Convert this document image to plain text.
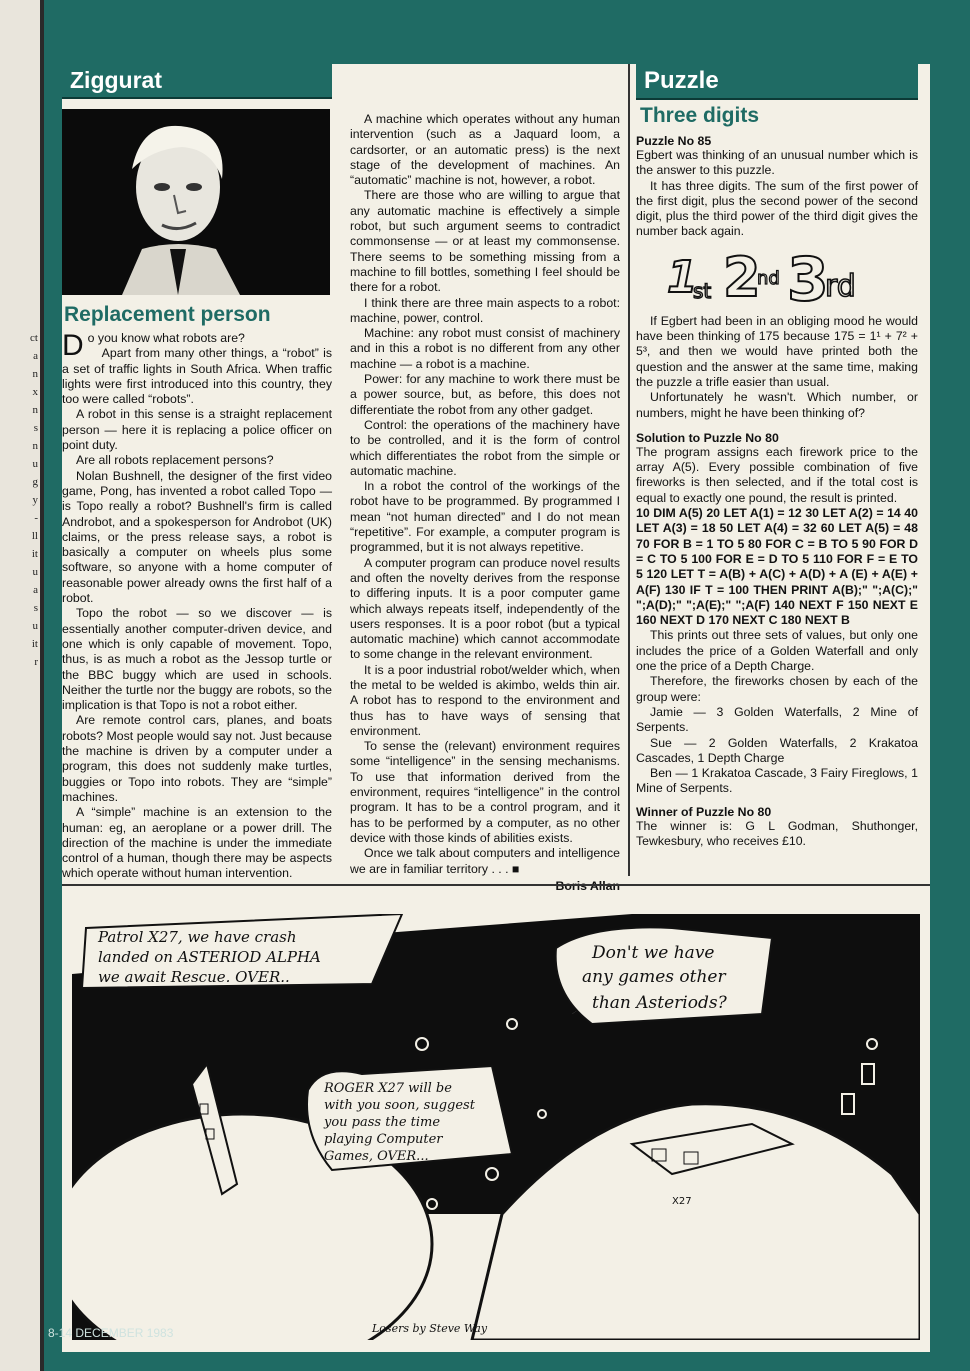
ct
a
n
x
n
s
n
u
g
y
-
ll
it
u
a
s
u
it
r
Ziggurat
Replacement person

Do you know what robots are?

Apart from many other things, a “robot” is a set of traffic lights in South Africa. When traffic lights were first introduced into this country, they too were called “robots”.

A robot in this sense is a straight replacement person — here it is replacing a police officer on point duty.

Are all robots replacement persons?

Nolan Bushnell, the designer of the first video game, Pong, has invented a robot called Topo — is Topo really a robot? Bushnell's firm is called Androbot, and a spokesperson for Androbot (UK) claims, or the press release says, a robot is basically a computer on wheels plus some software, so anyone with a home computer of reasonable power already owns the first half of a robot.

Topo the robot — so we discover — is essentially another computer-driven device, and one which is only capable of movement. Topo, thus, is as much a robot as the Jessop turtle or the BBC buggy which are used in schools. Neither the turtle nor the buggy are robots, so the implication is that Topo is not a robot either.

Are remote control cars, planes, and boats robots? Most people would say not. Just because the machine is driven by a computer under a program, this does not suddenly make turtles, buggies or Topo into robots. They are “simple” machines.

A “simple” machine is an extension to the human: eg, an aeroplane or a power drill. The direction of the machine is under the immediate control of a human, though there may be aspects which operate without human intervention.

A machine which operates without any human intervention (such as a Jaquard loom, a cardsorter, or an automatic press) is the next stage of the development of machines. An “automatic” machine is not, however, a robot.

There are those who are willing to argue that any automatic machine is effectively a simple robot, but such argument seems to contradict commonsense — or at least my commonsense. There seems to be something missing from a machine to fill bottles, something I feel should be there for a robot.

I think there are three main aspects to a robot: machine, power, control.

Machine: any robot must consist of machinery and in this a robot is no different from any other machine — a robot is a machine.

Power: for any machine to work there must be a power source, but, as before, this does not differentiate the robot from any other gadget.

Control: the operations of the machinery have to be controlled, and it is the form of control which differentiates the robot from the simple or automatic machine.

In a robot the control of the workings of the robot have to be programmed. By programmed I mean “not human directed” and I do not mean “repetitive”. For example, a computer program is programmed, but it is not always repetitive.

A computer program can produce novel results and often the novelty derives from the response to differing inputs. It is a poor computer game which always repeats itself, independently of the users responses. It is a poor robot (but a typical automatic machine) which cannot accommodate to some change in the relevant environment.

It is a poor industrial robot/welder which, when the metal to be welded is akimbo, welds thin air. A robot has to respond to the environment and thus has to have ways of sensing that environment.

To sense the (relevant) environment requires some “intelligence” in the sensing mechanisms. To use that information derived from the environment, requires “intelligence” in the control program. It has to be a control program, and it has to be performed by a computer, as no other device with those kinds of abilities exists.

Once we talk about computers and intelligence we are in familiar territory . . . ■

Puzzle
Three digits
Puzzle No 85

Egbert was thinking of an unusual number which is the answer to this puzzle.

It has three digits. The sum of the first power of the first digit, plus the second power of the second digit, plus the third power of the third digit gives the number back again.

1
st 2
nd 3
rd

If Egbert had been in an obliging mood he would have been thinking of 175 because 175 = 1¹ + 7² + 5³, and then we would have printed both the question and the answer at the same time, making the puzzle a trifle easier than usual.

Unfortunately he wasn't. Which number, or numbers, might he have been thinking of?

Solution to Puzzle No 80

The program assigns each firework price to the array A(5). Every possible combination of five fireworks is then selected, and if the total cost is equal to exactly one pound, the result is printed.

10 DIM A(5) 20 LET A(1) = 12 30 LET A(2) = 14 40 LET A(3) = 18 50 LET A(4) = 32 60 LET A(5) = 48 70 FOR B = 1 TO 5 80 FOR C = B TO 5 90 FOR D = C TO 5 100 FOR E = D TO 5 110 FOR F = E TO 5 120 LET T = A(B) + A(C) + A(D) + A (E) + A(E) + A(F) 130 IF T = 100 THEN PRINT A(B);" ";A(C);" ";A(D);" ";A(E);" ";A(F) 140 NEXT F 150 NEXT E 160 NEXT D 170 NEXT C 180 NEXT B

This prints out three sets of values, but only one includes the price of a Golden Waterfall and only one the price of a Depth Charge.

Therefore, the fireworks chosen by each of the group were:

Jamie — 3 Golden Waterfalls, 2 Mine of Serpents.

Sue — 2 Golden Waterfalls, 2 Krakatoa Cascades, 1 Depth Charge

Ben — 1 Krakatoa Cascade, 3 Fairy Fireglows, 1 Mine of Serpents.

Winner of Puzzle No 80

The winner is: G L Godman, Shuthonger, Tewkesbury, who receives £10.

Patrol X27, we have crash
landed on ASTERIOD ALPHA
we await Rescue. OVER..
ROGER X27 will be
with you soon, suggest
you pass the time
playing Computer
Games, OVER...
Don't we have
any games other
than Asteriods?
X27
Losers by Steve Way
8-14 DECEMBER 1983	71
